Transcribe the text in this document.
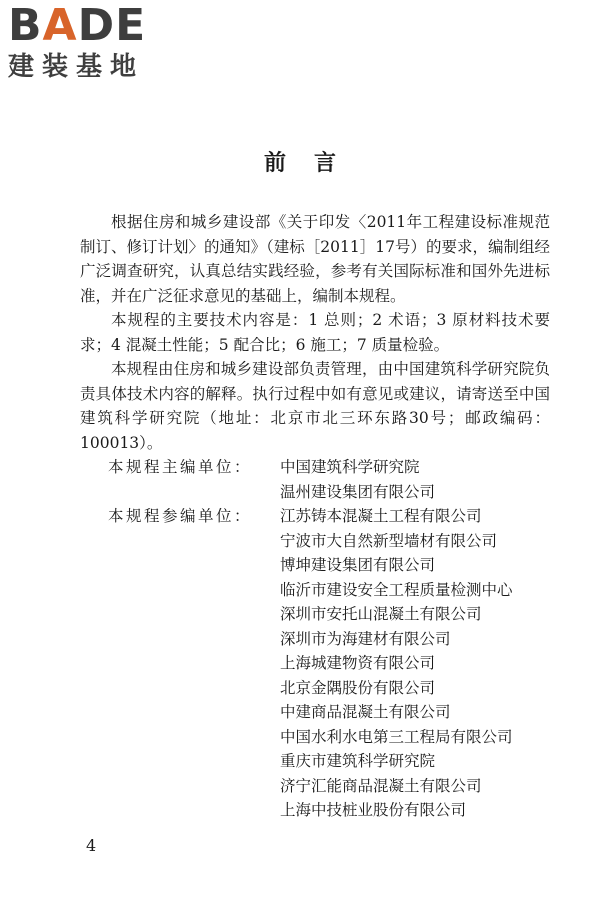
BADE
建装基地
前言

根据住房和城乡建设部《关于印发〈2011年工程建设标准规范制订、修订计划〉的通知》（建标［2011］17号）的要求，编制组经广泛调查研究，认真总结实践经验，参考有关国际标准和国外先进标准，并在广泛征求意见的基础上，编制本规程。

本规程的主要技术内容是：1 总则；2 术语；3 原材料技术要求；4 混凝土性能；5 配合比；6 施工；7 质量检验。

本规程由住房和城乡建设部负责管理，由中国建筑科学研究院负责具体技术内容的解释。执行过程中如有意见或建议，请寄送至中国建筑科学研究院（地址：北京市北三环东路30号；邮政编码：100013）。

本规程主编单位：	中国建筑科学研究院
温州建设集团有限公司
本规程参编单位：	江苏铸本混凝土工程有限公司
宁波市大自然新型墙材有限公司
博坤建设集团有限公司
临沂市建设安全工程质量检测中心
深圳市安托山混凝土有限公司
深圳市为海建材有限公司
上海城建物资有限公司
北京金隅股份有限公司
中建商品混凝土有限公司
中国水利水电第三工程局有限公司
重庆市建筑科学研究院
济宁汇能商品混凝土有限公司
上海中技桩业股份有限公司
4
